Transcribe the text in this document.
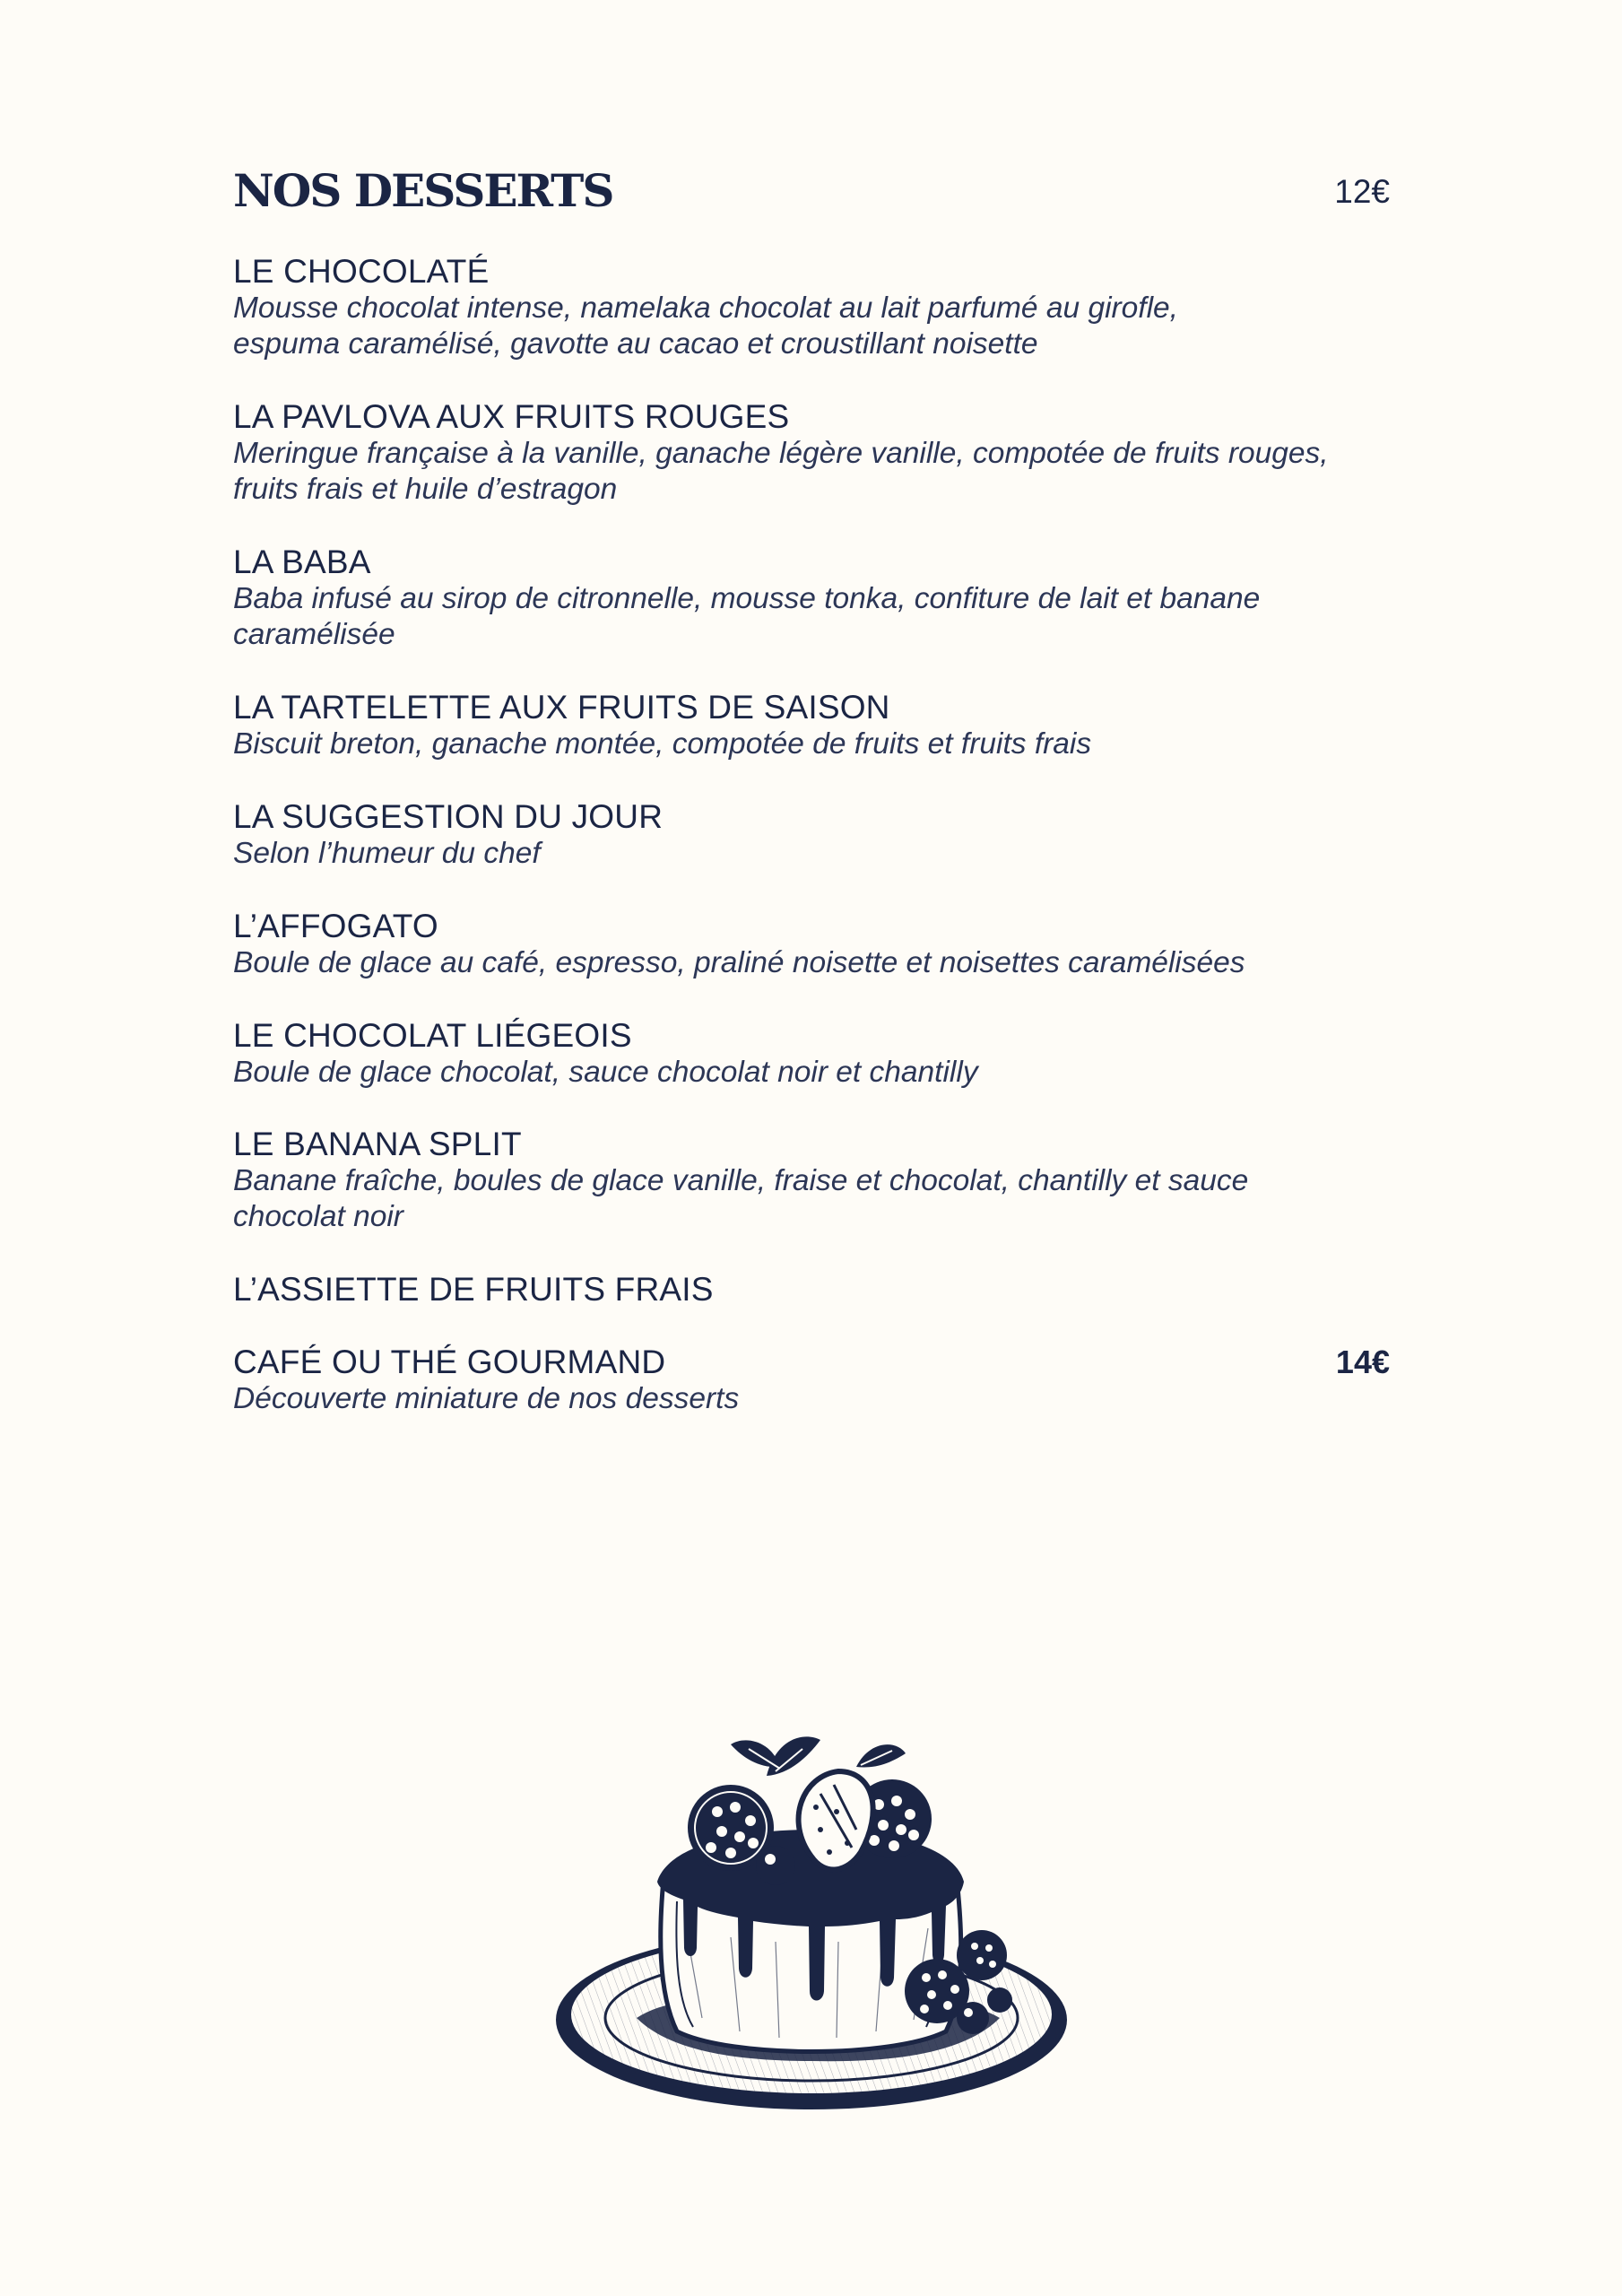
NOS DESSERTS	12€
LE CHOCOLATÉ
Mousse chocolat intense, namelaka chocolat au lait parfumé au girofle,
espuma caramélisé, gavotte au cacao et croustillant noisette
LA PAVLOVA AUX FRUITS ROUGES
Meringue française à la vanille, ganache légère vanille, compotée de fruits rouges,
fruits frais et huile d’estragon
LA BABA
Baba infusé au sirop de citronnelle, mousse tonka, confiture de lait et banane
caramélisée
LA TARTELETTE AUX FRUITS DE SAISON
Biscuit breton, ganache montée, compotée de fruits et fruits frais
LA SUGGESTION DU JOUR
Selon l’humeur du chef
L’AFFOGATO
Boule de glace au café, espresso, praliné noisette et noisettes caramélisées
LE CHOCOLAT LIÉGEOIS
Boule de glace chocolat, sauce chocolat noir et chantilly
LE BANANA SPLIT
Banane fraîche, boules de glace vanille, fraise et chocolat, chantilly et sauce
chocolat noir
L’ASSIETTE DE FRUITS FRAIS
CAFÉ OU THÉ GOURMAND	14€
Découverte miniature de nos desserts
